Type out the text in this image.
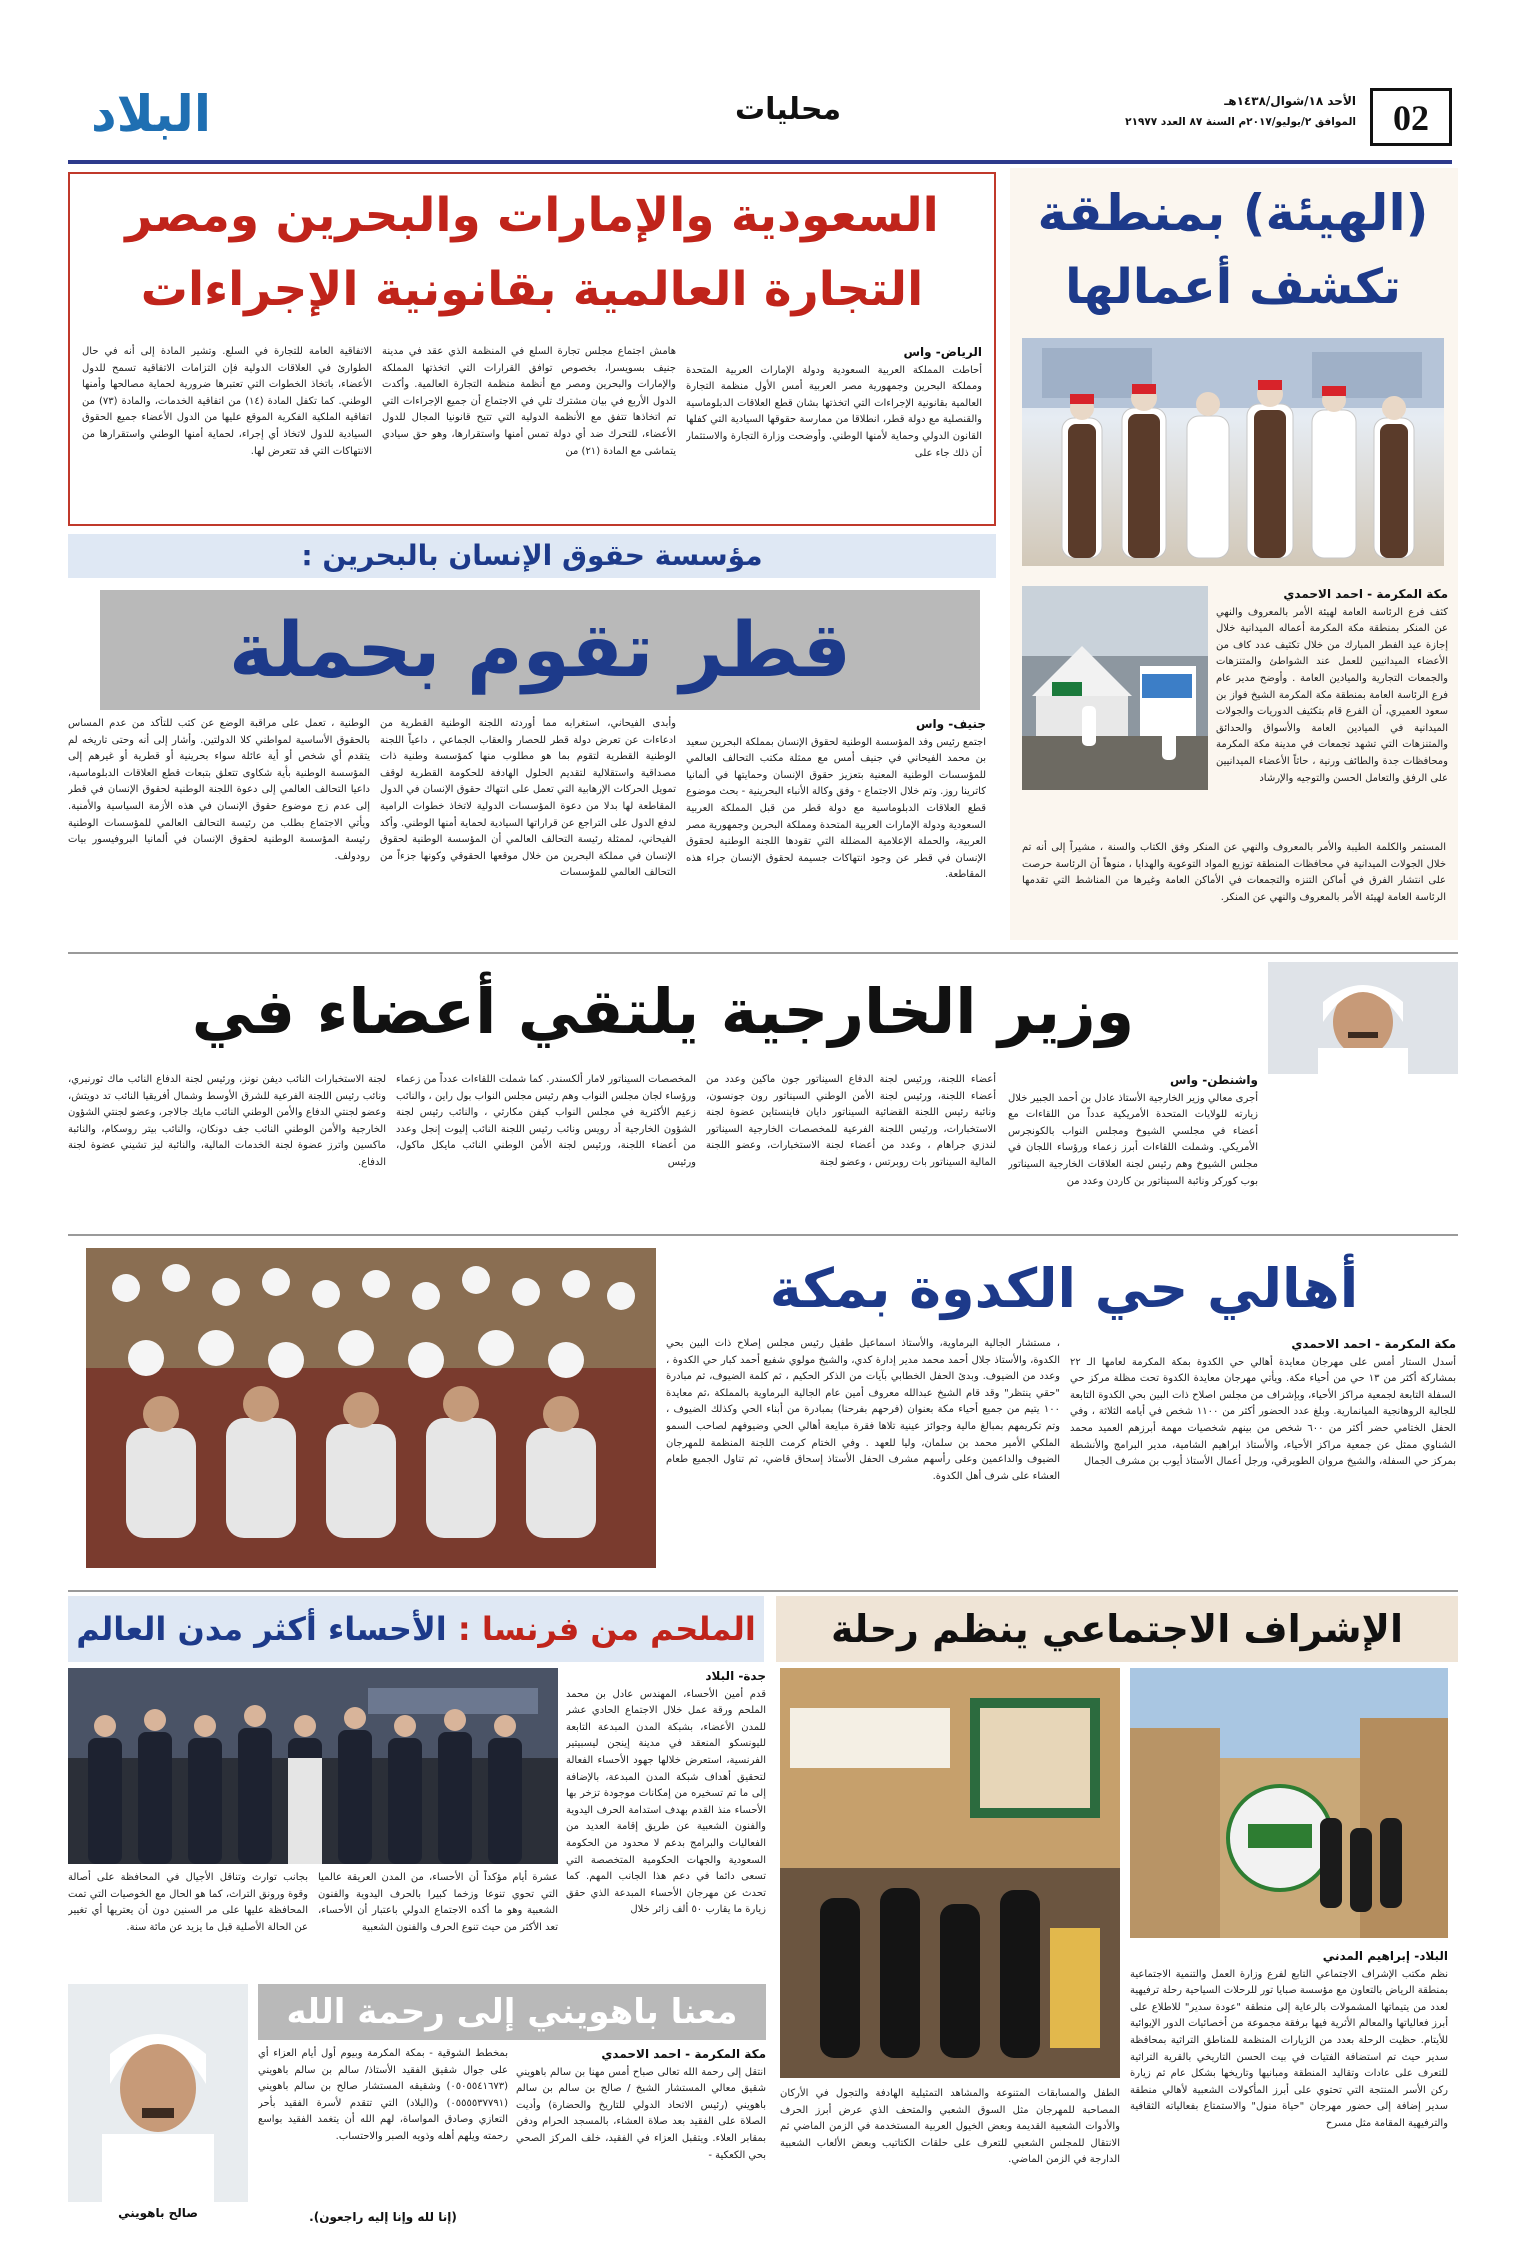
02
الأحد ١٨/شوال/١٤٣٨هـ
الموافق ٢/يوليو/٢٠١٧م السنة ٨٧ العدد ٢١٩٧٧
محليات
البلاد
(الهيئة) بمنطقة
تكشف أعمالها
مكة المكرمة - احمد الاحمدي
كثف فرع الرئاسة العامة لهيئة الأمر بالمعروف والنهي عن المنكر بمنطقة مكة المكرمة أعماله الميدانية خلال إجازة عيد الفطر المبارك من خلال تكثيف عدد كاف من الأعضاء الميدانيين للعمل عند الشواطئ والمتنزهات والجمعات التجارية والميادين العامة . وأوضح مدير عام فرع الرئاسة العامة بمنطقة مكة المكرمة الشيخ فواز بن سعود العميري، أن الفرع قام بتكثيف الدوريات والجولات الميدانية في الميادين العامة والأسواق والحدائق والمتنزهات التي تشهد تجمعات في مدينة مكة المكرمة ومحافظات جدة والطائف ورنية ، حاثاً الأعضاء الميدانيين على الرفق والتعامل الحسن والتوجيه والإرشاد
المستمر والكلمة الطيبة والأمر بالمعروف والنهي عن المنكر وفق الكتاب والسنة ، مشيراً إلى أنه تم خلال الجولات الميدانية في محافظات المنطقة توزيع المواد التوعوية والهدايا ، منوهاً أن الرئاسة حرصت على انتشار الفرق في أماكن التنزه والتجمعات في الأماكن العامة وغيرها من المناشط التي تقدمها الرئاسة العامة لهيئة الأمر بالمعروف والنهي عن المنكر.
السعودية والإمارات والبحرين ومصر
التجارة العالمية بقانونية الإجراءات
الرياض- واس
أحاطت المملكة العربية السعودية ودولة الإمارات العربية المتحدة ومملكة البحرين وجمهورية مصر العربية أمس الأول منظمة التجارة العالمية بقانونية الإجراءات التي اتخذتها بشان قطع العلاقات الدبلوماسية والقنصلية مع دولة قطر، انطلاقا من ممارسة حقوقها السيادية التي كفلها القانون الدولي وحماية لأمنها الوطني. وأوضحت وزارة التجارة والاستثمار أن ذلك جاء على
هامش اجتماع مجلس تجارة السلع في المنظمة الذي عقد في مدينة جنيف بسويسرا، بخصوص توافق القرارات التي اتخذتها المملكة والإمارات والبحرين ومصر مع أنظمة منظمة التجارة العالمية. وأكدت الدول الأربع في بيان مشترك تلي في الاجتماع أن جميع الإجراءات التي تم اتخاذها تتفق مع الأنظمة الدولية التي تتيح قانونيا المجال للدول الأعضاء، للتحرك ضد أي دولة تمس أمنها واستقرارها، وهو حق سيادي يتماشى مع المادة (٢١) من
الاتفاقية العامة للتجارة في السلع. وتشير المادة إلى أنه في حال الطوارئ في العلاقات الدولية فإن التزامات الاتفاقية تسمح للدول الأعضاء، باتخاذ الخطوات التي تعتبرها ضرورية لحماية مصالحها وأمنها الوطني. كما تكفل المادة (١٤) من اتفاقية الخدمات، والمادة (٧٣) من اتفاقية الملكية الفكرية الموقع عليها من الدول الأعضاء جميع الحقوق السيادية للدول لاتخاذ أي إجراء، لحماية أمنها الوطني واستقرارها من الانتهاكات التي قد تتعرض لها.
مؤسسة حقوق الإنسان بالبحرين :
قطر تقوم بحملة
جنيف- واس
اجتمع رئيس وفد المؤسسة الوطنية لحقوق الإنسان بمملكة البحرين سعيد بن محمد الفيحاني في جنيف أمس مع ممثلة مكتب التحالف العالمي للمؤسسات الوطنية المعنية بتعزيز حقوق الإنسان وحمايتها في ألمانيا كاترينا روز. وتم خلال الاجتماع - وفق وكالة الأنباء البحرينية - بحث موضوع قطع العلاقات الدبلوماسية مع دولة قطر من قبل المملكة العربية السعودية ودولة الإمارات العربية المتحدة ومملكة البحرين وجمهورية مصر العربية، والحملة الإعلامية المضللة التي تقودها اللجنة الوطنية لحقوق الإنسان في قطر عن وجود انتهاكات جسيمة لحقوق الإنسان جراء هذه المقاطعة.
وأبدى الفيحاني، استغرابه مما أوردته اللجنة الوطنية القطرية من ادعاءات عن تعرض دولة قطر للحصار والعقاب الجماعي ، داعياً اللجنة الوطنية القطرية لتقوم بما هو مطلوب منها كمؤسسة وطنية ذات مصداقية واستقلالية لتقديم الحلول الهادفة للحكومة القطرية لوقف تمويل الحركات الإرهابية التي تعمل على انتهاك حقوق الإنسان في الدول المقاطعة لها بدلا من دعوة المؤسسات الدولية لاتخاذ خطوات الرامية لدفع الدول على التراجع عن قراراتها السيادية لحماية أمنها الوطني. وأكد الفيحاني، لممثلة رئيسة التحالف العالمي أن المؤسسة الوطنية لحقوق الإنسان في مملكة البحرين من خلال موقعها الحقوقي وكونها جزءاً من التحالف العالمي للمؤسسات
الوطنية ، تعمل على مراقبة الوضع عن كثب للتأكد من عدم المساس بالحقوق الأساسية لمواطني كلا الدولتين. وأشار إلى أنه وحتى تاريخه لم يتقدم أي شخص أو أية عائلة سواء بحرينية أو قطرية أو غيرهم إلى المؤسسة الوطنية بأية شكاوى تتعلق بتبعات قطع العلاقات الدبلوماسية، داعيا التحالف العالمي إلى دعوة اللجنة الوطنية لحقوق الإنسان في قطر إلى عدم زج موضوع حقوق الإنسان في هذه الأزمة السياسية والأمنية. ويأتي الاجتماع بطلب من رئيسة التحالف العالمي للمؤسسات الوطنية رئيسة المؤسسة الوطنية لحقوق الإنسان في ألمانيا البروفيسور بيات رودولف.
وزير الخارجية يلتقي أعضاء في
واشنطن- واس
أجرى معالي وزير الخارجية الأستاذ عادل بن أحمد الجبير خلال زيارته للولايات المتحدة الأمريكية عدداً من اللقاءات مع أعضاء في مجلسي الشيوخ ومجلس النواب بالكونجرس الأمريكي. وشملت اللقاءات أبرز زعماء ورؤساء اللجان في مجلس الشيوخ وهم رئيس لجنة العلاقات الخارجية السيناتور بوب كوركر ونائبة السيناتور بن كاردن وعدد من
أعضاء اللجنة، ورئيس لجنة الدفاع السيناتور جون ماكين وعدد من أعضاء اللجنة، ورئيس لجنة الأمن الوطني السيناتور رون جونسون، ونائبة رئيس اللجنة القضائية السيناتور دايان فاينستاين عضوة لجنة الاستخبارات، ورئيس اللجنة الفرعية للمخصصات الخارجية السيناتور لندزي جراهام ، وعدد من أعضاء لجنة الاستخبارات، وعضو اللجنة المالية السيناتور بات روبرتس ، وعضو لجنة
المخصصات السيناتور لامار ألكسندر. كما شملت اللقاءات عدداً من زعماء ورؤساء لجان مجلس النواب وهم رئيس مجلس النواب بول راين ، والنائب زعيم الأكثرية في مجلس النواب كيفن مكارثي ، والنائب رئيس لجنة الشؤون الخارجية أد رويس ونائب رئيس اللجنة النائب إليوت إنجل وعدد من أعضاء اللجنة، ورئيس لجنة الأمن الوطني النائب مايكل ماكول، ورئيس
لجنة الاستخبارات النائب ديفن نونز، ورئيس لجنة الدفاع النائب ماك ثورنبري، ونائب رئيس اللجنة الفرعية للشرق الأوسط وشمال أفريقيا النائب تد دويتش، وعضو لجنتي الدفاع والأمن الوطني النائب مايك جالاجر، وعضو لجنتي الشؤون الخارجية والأمن الوطني النائب جف دونكان، والنائب بيتر روسكام، والنائبة ماكسين واترز عضوة لجنة الخدمات المالية، والنائبة ليز تشيني عضوة لجنة الدفاع.
أهالي حي الكدوة بمكة
مكة المكرمة - احمد الاحمدي
أسدل الستار أمس على مهرجان معايدة أهالي حي الكدوة بمكة المكرمة لعامها الـ ٢٢ بمشاركة أكثر من ١٣ حي من أحياء مكة. ويأتي مهرجان معايدة الكدوة تحت مظلة مركز حي السفلة التابعة لجمعية مراكز الأحياء، وبإشراف من مجلس اصلاح ذات البين بحي الكدوة التابعة للجالية الروهانجية الميانمارية. وبلغ عدد الحضور أكثر من ١١٠٠ شخص في أيامه الثلاثة ، وفي الحفل الختامي حضر أكثر من ٦٠٠ شخص من بينهم شخصيات مهمة أبرزهم العميد محمد الشناوي ممثل عن جمعية مراكز الأحياء، والأستاذ ابراهيم الشامية، مدير البرامج والأنشطة بمركز حي السفلة، والشيخ مروان الطويرقي، ورجل أعمال الأستاذ أيوب بن مشرف الجمال
، مستشار الجالية البرماوية، والأستاذ اسماعيل طفيل رئيس مجلس إصلاح ذات البين بحي الكدوة، والأستاذ جلال أحمد محمد مدير إدارة كدي، والشيخ مولوي شفيع أحمد كبار حي الكدوة ، وعدد من الضيوف. وبدئ الحفل الخطابي بآيات من الذكر الحكيم ، ثم كلمة الضيوف، ثم مبادرة "حقي ينتظر" وقد قام الشيخ عبدالله معروف أمين عام الجالية البرماوية بالمملكة ،ثم معايدة ١٠٠ يتيم من جميع أحياء مكة بعنوان (فرحهم بفرحنا) بمبادرة من أبناء الحي وكذلك الضيوف ، وتم تكريمهم بمبالغ مالية وجوائز عينية تلاها فقرة مبايعة أهالي الحي وضيوفهم لصاحب السمو الملكي الأمير محمد بن سلمان، وليا للعهد . وفي الختام كرمت اللجنة المنظمة للمهرجان الضيوف والداعمين وعلى رأسهم مشرف الحفل الأستاذ إسحاق قاضي، ثم تناول الجميع طعام العشاء على شرف أهل الكدوة.
الإشراف الاجتماعي ينظم رحلة
البلاد- إبراهيم المدني
نظم مكتب الإشراف الاجتماعي التابع لفرع وزارة العمل والتنمية الاجتماعية بمنطقة الرياض بالتعاون مع مؤسسة صبايا تور للرحلات السياحية رحلة ترفيهية لعدد من يتيماتها المشمولات بالرعاية إلى منطقة "عودة سدير" للاطلاع على أبرز فعالياتها والمعالم الأثرية فيها برفقة مجموعة من أخصائيات الدور الإيوائية للأيتام. حظيت الرحلة بعدد من الزيارات المنظمة للمناطق التراثية بمحافظة سدير حيث تم استضافة الفتيات في بيت الحسن التاريخي بالقرية التراثية للتعرف على عادات وتقاليد المنطقة ومبانيها وتاريخها بشكل عام ثم زيارة ركن الأسر المنتجة التي تحتوي على أبرز المأكولات الشعبية لأهالي منطقة سدير إضافة إلى حضور مهرجان "حياة منول" والاستمتاع بفعالياته الثقافية والترفيهية المقامة مثل مسرح
الطفل والمسابقات المتنوعة والمشاهد التمثيلية الهادفة والتجول في الأركان المصاحبة للمهرجان مثل السوق الشعبي والمتحف الذي عرض أبرز الحرف والأدوات الشعبية القديمة وبعض الخيول العربية المستخدمة في الزمن الماضي ثم الانتقال للمجلس الشعبي للتعرف على حلقات الكتاتيب وبعض الألعاب الشعبية الدارجة في الزمن الماضي.
الملحم من فرنسا : الأحساء أكثر مدن العالم
جدة- البلاد
قدم أمين الأحساء، المهندس عادل بن محمد الملحم ورقة عمل خلال الاجتماع الحادي عشر للمدن الأعضاء، بشبكة المدن المبدعة التابعة لليونسكو المنعقد في مدينة إينجن ليسبيتير الفرنسية، استعرض خلالها جهود الأحساء الفعالة لتحقيق أهداف شبكة المدن المبدعة، بالإضافة إلى ما تم تسخيره من إمكانات موجودة تزخر بها الأحساء منذ القدم بهدف استدامة الحرف اليدوية والفنون الشعبية عن طريق إقامة العديد من الفعاليات والبرامج بدعم لا محدود من الحكومة السعودية والجهات الحكومية المتخصصة التي تسعى دائما في دعم هذا الجانب المهم. كما تحدث عن مهرجان الأحساء المبدعة الذي حقق زيارة ما يقارب ٥٠ ألف زائر خلال
عشرة أيام مؤكداً أن الأحساء، من المدن العريقة عالميا التي تحوي تنوعا وزخما كبيرا بالحرف اليدوية والفنون الشعبية وهو ما أكده الاجتماع الدولي باعتبار أن الأحساء، تعد الأكثر من حيث تنوع الحرف والفنون الشعبية
بجانب توارث وتناقل الأجيال في المحافظة على أصالة وقوة ورونق التراث، كما هو الحال مع الخوصيات التي تمت المحافظة عليها على مر السنين دون أن يعتريها أي تغيير عن الحالة الأصلية قبل ما يزيد عن مائة سنة.
معنا باهويني إلى رحمة الله
صالح باهويني
مكة المكرمة - احمد الاحمدي
انتقل إلى رحمة الله تعالى صباح أمس مهنا بن سالم باهويني شقيق معالي المستشار الشيخ / صالح بن سالم بن سالم باهويني (رئيس الاتحاد الدولي للتاريخ والحضارة) وأديت الصلاة على الفقيد بعد صلاة العشاء، بالمسجد الحرام ودفن بمقابر العلاء. ويتقبل العزاء في الفقيد، خلف المركز الصحي بحي الكعكية -
بمخطط الشوقية - بمكة المكرمة وبيوم أول أيام العزاء أي على جوال شقيق الفقيد الأستاذ/ سالم بن سالم باهويني (٠٥٠٥٥٤١٦٧٣) وشقيقه المستشار صالح بن سالم باهويني (٠٥٥٥٥٣٧٧٩١) و(البلاد) التي تتقدم لأسرة الفقيد بأحر التعازي وصادق المواساة، لهم الله أن يتغمد الفقيد بواسع رحمته ويلهم أهله وذويه الصبر والاحتساب.
(إنا لله وإنا إليه راجعون).
